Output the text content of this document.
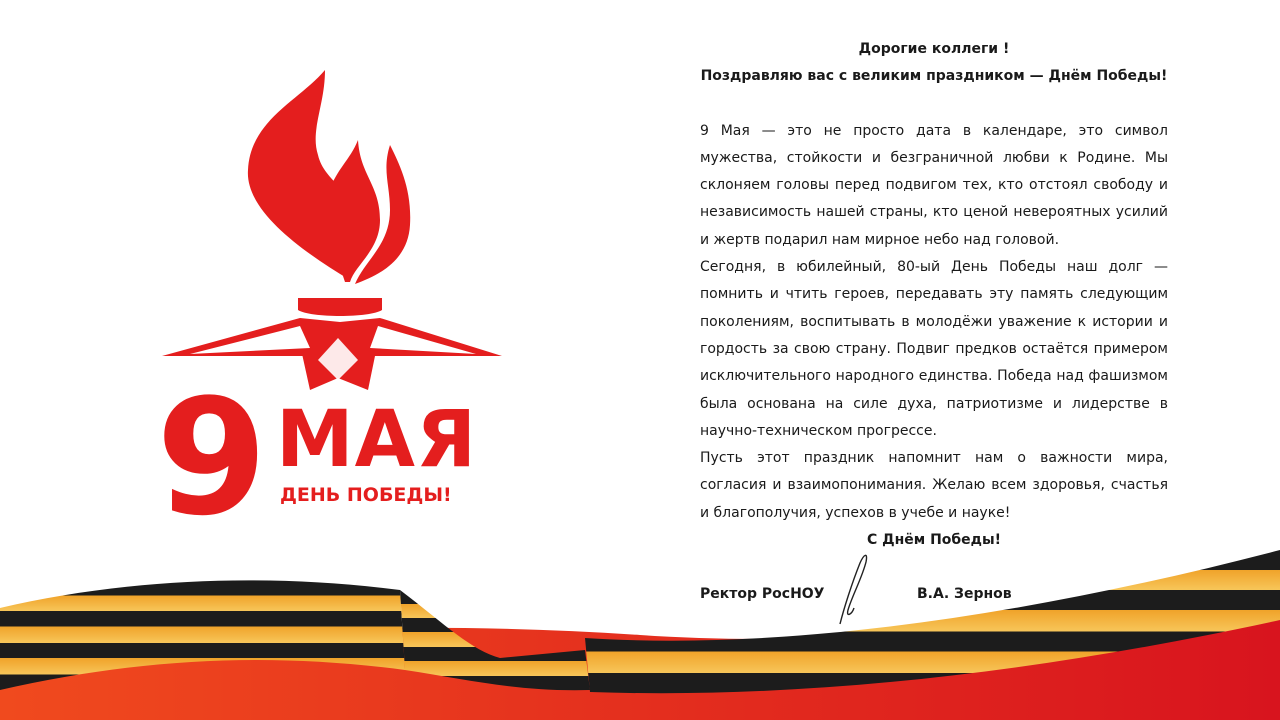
9 МАЯ
ДЕНЬ ПОБЕДЫ!

Дорогие коллеги !

Поздравляю вас с великим праздником — Днём Победы!

9 Мая — это не просто дата в календаре, это символ мужества, стойкости и безграничной любви к Родине. Мы склоняем головы перед подвигом тех, кто отстоял свободу и независимость нашей страны, кто ценой невероятных усилий и жертв подарил нам мирное небо над головой.

Сегодня, в юбилейный, 80-ый День Победы наш долг — помнить и чтить героев, передавать эту память следующим поколениям, воспитывать в молодёжи уважение к истории и гордость за свою страну. Подвиг предков остаётся примером исключительного народного единства. Победа над фашизмом была основана на силе духа, патриотизме и лидерстве в научно-техническом прогрессе.

Пусть этот праздник напомнит нам о важности мира, согласия и взаимопонимания. Желаю всем здоровья, счастья и благополучия, успехов в учебе и науке!

С Днём Победы!

Ректор РосНОУ	В.А. Зернов
